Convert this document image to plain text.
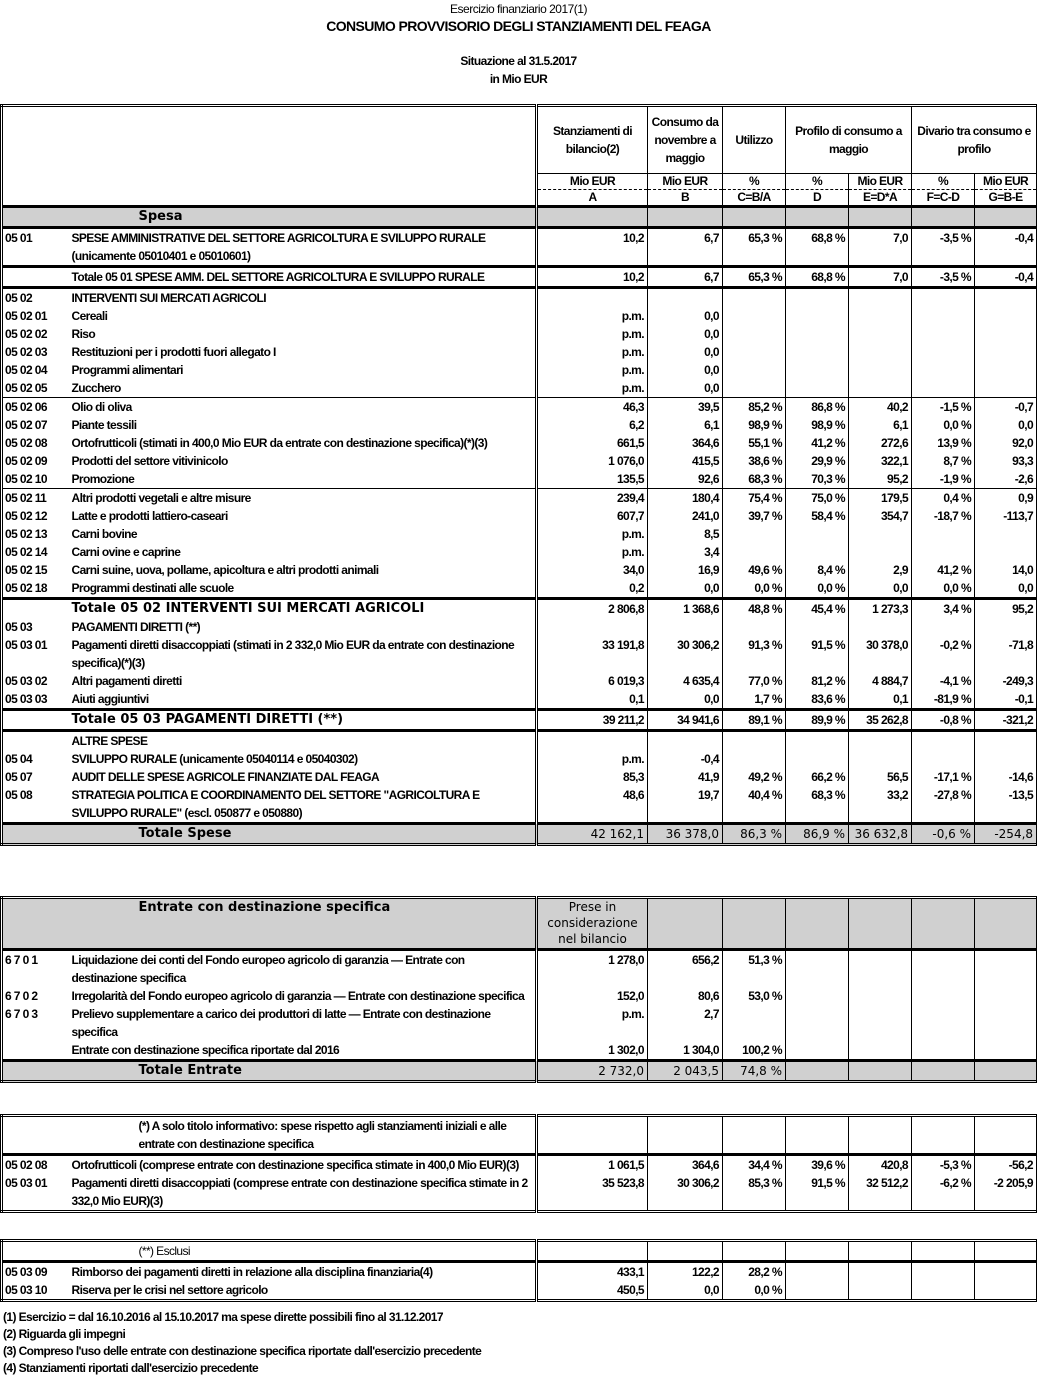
Esercizio finanziario 2017(1)
CONSUMO PROVVISORIO DEGLI STANZIAMENTI DEL FEAGA
Situazione al 31.5.2017
in Mio EUR
		Stanziamenti di bilancio(2)	Consumo da novembre a maggio	Utilizzo	Profilo di consumo a maggio		Divario tra consumo e profilo	
		Mio EUR	Mio EUR	%	%	Mio EUR	%	Mio EUR
		A	B	C=B/A	D	E=D*A	F=C-D	G=B-E
	Spesa							
05 01	SPESE AMMINISTRATIVE DEL SETTORE AGRICOLTURA E SVILUPPO RURALE (unicamente 05010401 e 05010601)	10,2	6,7	65,3 %	68,8 %	7,0	-3,5 %	-0,4
	Totale 05 01 SPESE AMM. DEL SETTORE AGRICOLTURA E SVILUPPO RURALE	10,2	6,7	65,3 %	68,8 %	7,0	-3,5 %	-0,4
05 02	INTERVENTI SUI MERCATI AGRICOLI							
05 02 01	Cereali	p.m.	0,0					
05 02 02	Riso	p.m.	0,0					
05 02 03	Restituzioni per i prodotti fuori allegato I	p.m.	0,0					
05 02 04	Programmi alimentari	p.m.	0,0					
05 02 05	Zucchero	p.m.	0,0					
05 02 06	Olio di oliva	46,3	39,5	85,2 %	86,8 %	40,2	-1,5 %	-0,7
05 02 07	Piante tessili	6,2	6,1	98,9 %	98,9 %	6,1	0,0 %	0,0
05 02 08	Ortofrutticoli (stimati in 400,0 Mio EUR da entrate con destinazione specifica)(*)(3)	661,5	364,6	55,1 %	41,2 %	272,6	13,9 %	92,0
05 02 09	Prodotti del settore vitivinicolo	1 076,0	415,5	38,6 %	29,9 %	322,1	8,7 %	93,3
05 02 10	Promozione	135,5	92,6	68,3 %	70,3 %	95,2	-1,9 %	-2,6
05 02 11	Altri prodotti vegetali e altre misure	239,4	180,4	75,4 %	75,0 %	179,5	0,4 %	0,9
05 02 12	Latte e prodotti lattiero-caseari	607,7	241,0	39,7 %	58,4 %	354,7	-18,7 %	-113,7
05 02 13	Carni bovine	p.m.	8,5					
05 02 14	Carni ovine e caprine	p.m.	3,4					
05 02 15	Carni suine, uova, pollame, apicoltura e altri prodotti animali	34,0	16,9	49,6 %	8,4 %	2,9	41,2 %	14,0
05 02 18	Programmi destinati alle scuole	0,2	0,0	0,0 %	0,0 %	0,0	0,0 %	0,0
	Totale 05 02 INTERVENTI SUI MERCATI AGRICOLI	2 806,8	1 368,6	48,8 %	45,4 %	1 273,3	3,4 %	95,2
05 03	PAGAMENTI DIRETTI (**)							
05 03 01	Pagamenti diretti disaccoppiati (stimati in 2 332,0 Mio EUR da entrate con destinazione specifica)(*)(3)	33 191,8	30 306,2	91,3 %	91,5 %	30 378,0	-0,2 %	-71,8
05 03 02	Altri pagamenti diretti	6 019,3	4 635,4	77,0 %	81,2 %	4 884,7	-4,1 %	-249,3
05 03 03	Aiuti aggiuntivi	0,1	0,0	1,7 %	83,6 %	0,1	-81,9 %	-0,1
	Totale 05 03 PAGAMENTI DIRETTI (**)	39 211,2	34 941,6	89,1 %	89,9 %	35 262,8	-0,8 %	-321,2
	ALTRE SPESE							
05 04	SVILUPPO RURALE (unicamente 05040114 e 05040302)	p.m.	-0,4					
05 07	AUDIT DELLE SPESE AGRICOLE FINANZIATE DAL FEAGA	85,3	41,9	49,2 %	66,2 %	56,5	-17,1 %	-14,6
05 08	STRATEGIA POLITICA E COORDINAMENTO DEL SETTORE "AGRICOLTURA E SVILUPPO RURALE" (escl. 050877 e 050880)	48,6	19,7	40,4 %	68,3 %	33,2	-27,8 %	-13,5
	Totale Spese	42 162,1	36 378,0	86,3 %	86,9 %	36 632,8	-0,6 %	-254,8
	Entrate con destinazione specifica	Prese in considerazione nel bilancio						
6 7 0 1	Liquidazione dei conti del Fondo europeo agricolo di garanzia — Entrate con destinazione specifica	1 278,0	656,2	51,3 %				
6 7 0 2	Irregolarità del Fondo europeo agricolo di garanzia — Entrate con destinazione specifica	152,0	80,6	53,0 %				
6 7 0 3	Prelievo supplementare a carico dei produttori di latte — Entrate con destinazione specifica	p.m.	2,7					
	Entrate con destinazione specifica riportate dal 2016	1 302,0	1 304,0	100,2 %				
	Totale Entrate	2 732,0	2 043,5	74,8 %				
	(*) A solo titolo informativo: spese rispetto agli stanziamenti iniziali e alle entrate con destinazione specifica							
05 02 08	Ortofrutticoli (comprese entrate con destinazione specifica stimate in 400,0 Mio EUR)(3)	1 061,5	364,6	34,4 %	39,6 %	420,8	-5,3 %	-56,2
05 03 01	Pagamenti diretti disaccoppiati (comprese entrate con destinazione specifica stimate in 2 332,0 Mio EUR)(3)	35 523,8	30 306,2	85,3 %	91,5 %	32 512,2	-6,2 %	-2 205,9
	(**) Esclusi							
05 03 09	Rimborso dei pagamenti diretti in relazione alla disciplina finanziaria(4)	433,1	122,2	28,2 %				
05 03 10	Riserva per le crisi nel settore agricolo	450,5	0,0	0,0 %				
(1) Esercizio = dal 16.10.2016 al 15.10.2017 ma spese dirette possibili fino al 31.12.2017
(2) Riguarda gli impegni
(3) Compreso l'uso delle entrate con destinazione specifica riportate dall'esercizio precedente
(4) Stanziamenti riportati dall'esercizio precedente
